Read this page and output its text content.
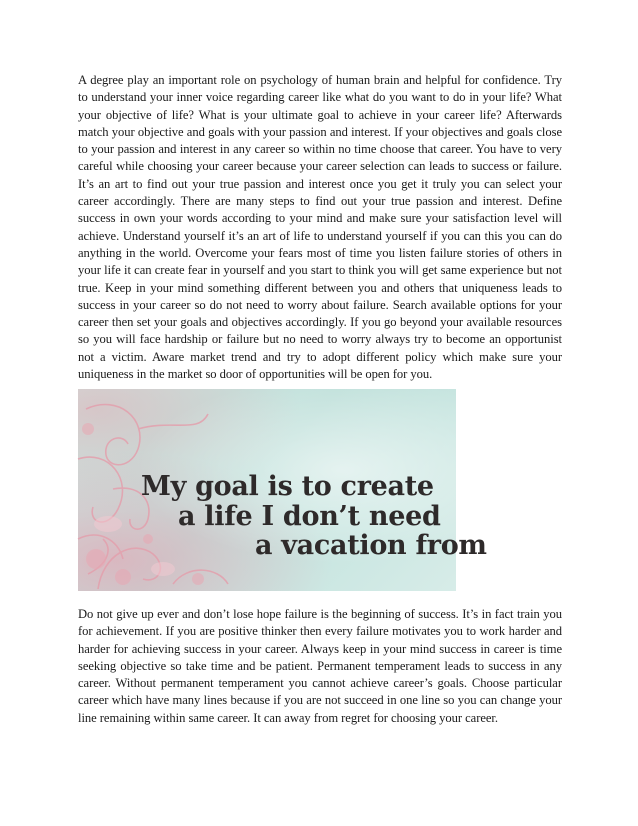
A degree play an important role on psychology of human brain and helpful for confidence. Try to understand your inner voice regarding career like what do you want to do in your life? What your objective of life? What is your ultimate goal to achieve in your career life? Afterwards match your objective and goals with your passion and interest. If your objectives and goals close to your passion and interest in any career so within no time choose that career. You have to very careful while choosing your career because your career selection can leads to success or failure. It’s an art to find out your true passion and interest once you get it truly you can select your career accordingly. There are many steps to find out your true passion and interest. Define success in own your words according to your mind and make sure your satisfaction level will achieve. Understand yourself it’s an art of life to understand yourself if you can this you can do anything in the world. Overcome your fears most of time you listen failure stories of others in your life it can create fear in yourself and you start to think you will get same experience but not true. Keep in your mind something different between you and others that uniqueness leads to success in your career so do not need to worry about failure. Search available options for your career then set your goals and objectives accordingly. If you go beyond your available resources so you will face hardship or failure but no need to worry always try to become an opportunist not a victim. Aware market trend and try to adopt different policy which make sure your uniqueness in the market so door of opportunities will be open for you.

My goal is to create
a life I don’t need
a vacation from

Do not give up ever and don’t lose hope failure is the beginning of success. It’s in fact train you for achievement. If you are positive thinker then every failure motivates you to work harder and harder for achieving success in your career. Always keep in your mind success in career is time seeking objective so take time and be patient. Permanent temperament leads to success in any career. Without permanent temperament you cannot achieve career’s goals. Choose particular career which have many lines because if you are not succeed in one line so you can change your line remaining within same career. It can away from regret for choosing your career.
